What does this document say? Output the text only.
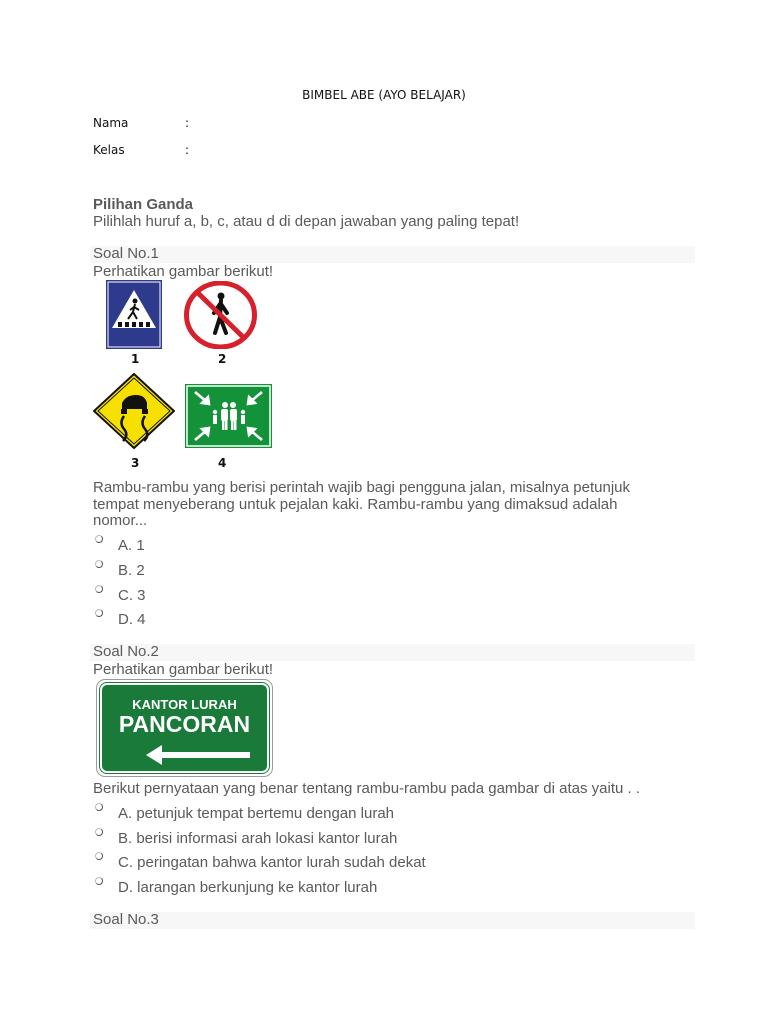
BIMBEL ABE (AYO BELAJAR)
Nama	:
Kelas	:
Pilihan Ganda
Pilihlah huruf a, b, c, atau d di depan jawaban yang paling tepat!
Soal No.1
Perhatikan gambar berikut!
1	2
3	4
Rambu-rambu yang berisi perintah wajib bagi pengguna jalan, misalnya petunjuk tempat menyeberang untuk pejalan kaki. Rambu-rambu yang dimaksud adalah nomor...
A. 1
B. 2
C. 3
D. 4
Soal No.2
Perhatikan gambar berikut!
KANTOR LURAH
PANCORAN
Berikut pernyataan yang benar tentang rambu-rambu pada gambar di atas yaitu . .
A. petunjuk tempat bertemu dengan lurah
B. berisi informasi arah lokasi kantor lurah
C. peringatan bahwa kantor lurah sudah dekat
D. larangan berkunjung ke kantor lurah
Soal No.3
